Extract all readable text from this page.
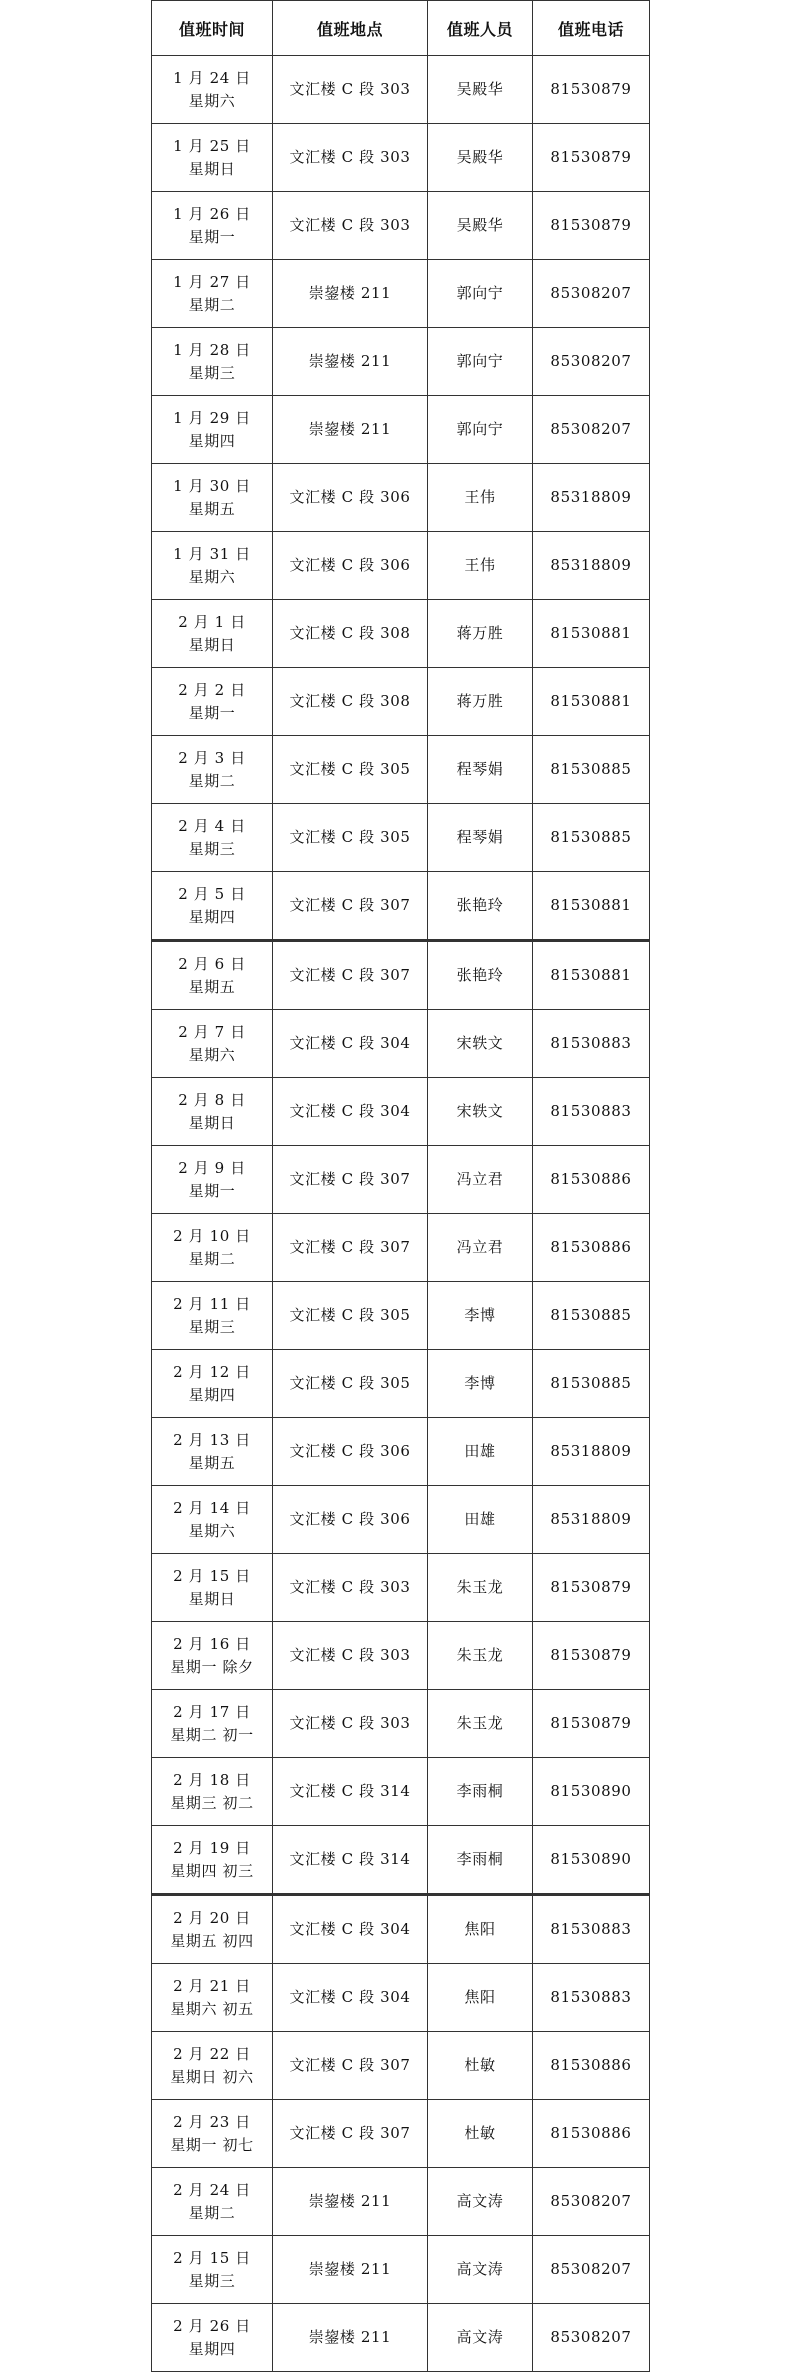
值班时间	值班地点	值班人员	值班电话

1 月 24 日
星期六	文汇楼 C 段 303	吴殿华	81530879

1 月 25 日
星期日	文汇楼 C 段 303	吴殿华	81530879

1 月 26 日
星期一	文汇楼 C 段 303	吴殿华	81530879

1 月 27 日
星期二	崇鋆楼 211	郭向宁	85308207

1 月 28 日
星期三	崇鋆楼 211	郭向宁	85308207

1 月 29 日
星期四	崇鋆楼 211	郭向宁	85308207

1 月 30 日
星期五	文汇楼 C 段 306	王伟	85318809

1 月 31 日
星期六	文汇楼 C 段 306	王伟	85318809

2 月 1 日
星期日	文汇楼 C 段 308	蒋万胜	81530881

2 月 2 日
星期一	文汇楼 C 段 308	蒋万胜	81530881

2 月 3 日
星期二	文汇楼 C 段 305	程琴娟	81530885

2 月 4 日
星期三	文汇楼 C 段 305	程琴娟	81530885

2 月 5 日
星期四	文汇楼 C 段 307	张艳玲	81530881

2 月 6 日
星期五	文汇楼 C 段 307	张艳玲	81530881

2 月 7 日
星期六	文汇楼 C 段 304	宋轶文	81530883

2 月 8 日
星期日	文汇楼 C 段 304	宋轶文	81530883

2 月 9 日
星期一	文汇楼 C 段 307	冯立君	81530886

2 月 10 日
星期二	文汇楼 C 段 307	冯立君	81530886

2 月 11 日
星期三	文汇楼 C 段 305	李博	81530885

2 月 12 日
星期四	文汇楼 C 段 305	李博	81530885

2 月 13 日
星期五	文汇楼 C 段 306	田雄	85318809

2 月 14 日
星期六	文汇楼 C 段 306	田雄	85318809

2 月 15 日
星期日	文汇楼 C 段 303	朱玉龙	81530879

2 月 16 日
星期一 除夕	文汇楼 C 段 303	朱玉龙	81530879

2 月 17 日
星期二 初一	文汇楼 C 段 303	朱玉龙	81530879

2 月 18 日
星期三 初二	文汇楼 C 段 314	李雨桐	81530890

2 月 19 日
星期四 初三	文汇楼 C 段 314	李雨桐	81530890

2 月 20 日
星期五 初四	文汇楼 C 段 304	焦阳	81530883

2 月 21 日
星期六 初五	文汇楼 C 段 304	焦阳	81530883

2 月 22 日
星期日 初六	文汇楼 C 段 307	杜敏	81530886

2 月 23 日
星期一 初七	文汇楼 C 段 307	杜敏	81530886

2 月 24 日
星期二	崇鋆楼 211	高文涛	85308207

2 月 15 日
星期三	崇鋆楼 211	高文涛	85308207

2 月 26 日
星期四	崇鋆楼 211	高文涛	85308207
